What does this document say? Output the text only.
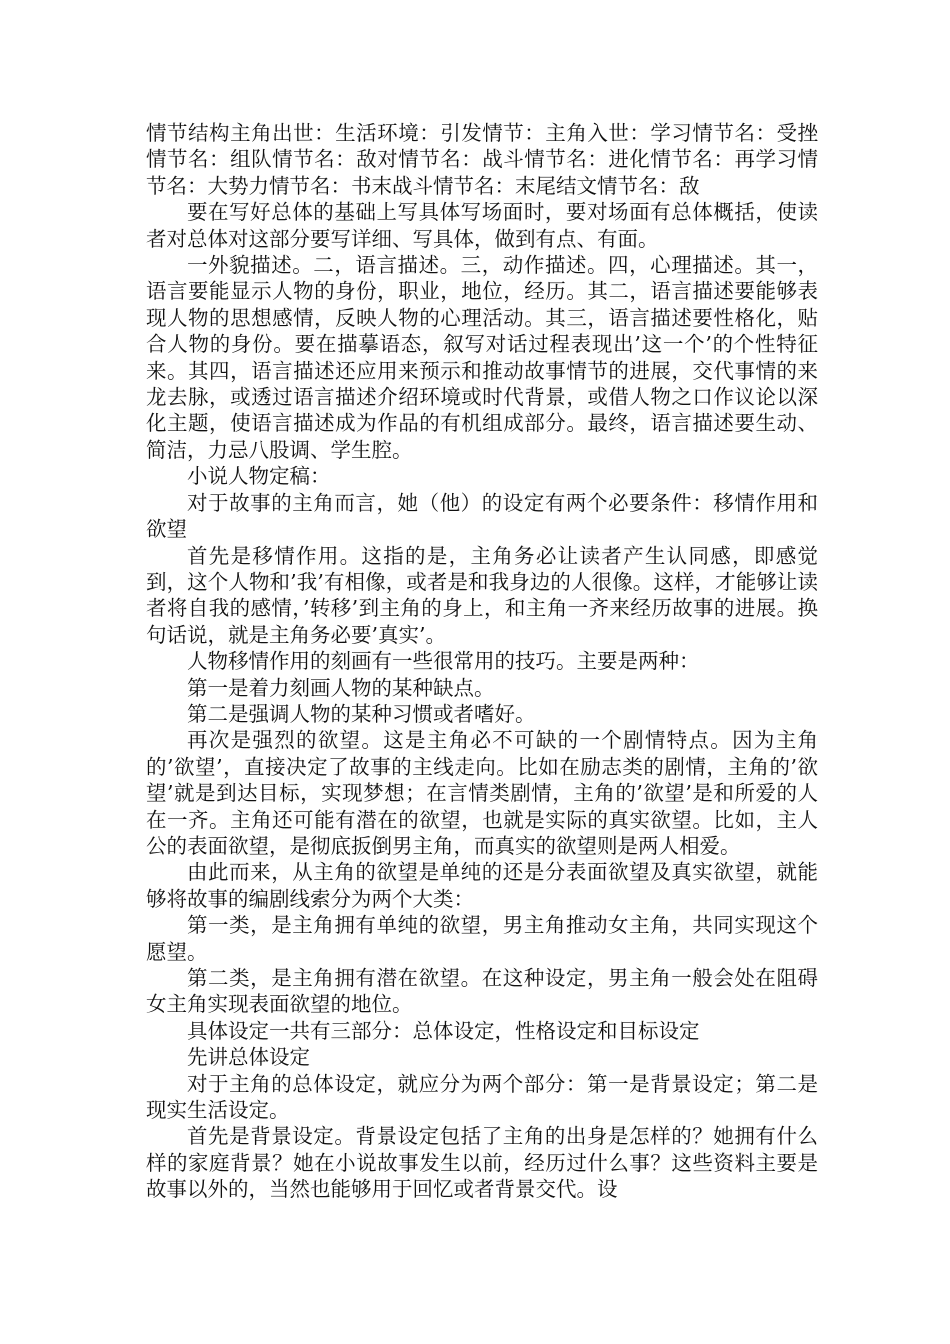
情节结构主角出世：生活环境：引发情节：主角入世：学习情节名：受挫情节名：组队情节名：敌对情节名：战斗情节名：进化情节名：再学习情节名：大势力情节名：书末战斗情节名：末尾结文情节名：敌

要在写好总体的基础上写具体写场面时，要对场面有总体概括，使读者对总体对这部分要写详细、写具体，做到有点、有面。

一外貌描述。二，语言描述。三，动作描述。四，心理描述。其一，语言要能显示人物的身份，职业，地位，经历。其二，语言描述要能够表现人物的思想感情，反映人物的心理活动。其三，语言描述要性格化，贴合人物的身份。要在描摹语态，叙写对话过程表现出’这一个’的个性特征来。其四，语言描述还应用来预示和推动故事情节的进展，交代事情的来龙去脉，或透过语言描述介绍环境或时代背景，或借人物之口作议论以深化主题，使语言描述成为作品的有机组成部分。最终，语言描述要生动、简洁，力忌八股调、学生腔。

小说人物定稿：

对于故事的主角而言，她（他）的设定有两个必要条件：移情作用和欲望

首先是移情作用。这指的是，主角务必让读者产生认同感，即感觉到，这个人物和’我’有相像，或者是和我身边的人很像。这样，才能够让读者将自我的感情，’转移’到主角的身上，和主角一齐来经历故事的进展。换句话说，就是主角务必要’真实’。

人物移情作用的刻画有一些很常用的技巧。主要是两种：

第一是着力刻画人物的某种缺点。

第二是强调人物的某种习惯或者嗜好。

再次是强烈的欲望。这是主角必不可缺的一个剧情特点。因为主角的’欲望’，直接决定了故事的主线走向。比如在励志类的剧情，主角的’欲望’就是到达目标，实现梦想；在言情类剧情，主角的’欲望’是和所爱的人在一齐。主角还可能有潜在的欲望，也就是实际的真实欲望。比如，主人公的表面欲望，是彻底扳倒男主角，而真实的欲望则是两人相爱。

由此而来，从主角的欲望是单纯的还是分表面欲望及真实欲望，就能够将故事的编剧线索分为两个大类：

第一类，是主角拥有单纯的欲望，男主角推动女主角，共同实现这个愿望。

第二类，是主角拥有潜在欲望。在这种设定，男主角一般会处在阻碍女主角实现表面欲望的地位。

具体设定一共有三部分：总体设定，性格设定和目标设定

先讲总体设定

对于主角的总体设定，就应分为两个部分：第一是背景设定；第二是现实生活设定。

首先是背景设定。背景设定包括了主角的出身是怎样的？她拥有什么样的家庭背景？她在小说故事发生以前，经历过什么事？这些资料主要是故事以外的，当然也能够用于回忆或者背景交代。设
